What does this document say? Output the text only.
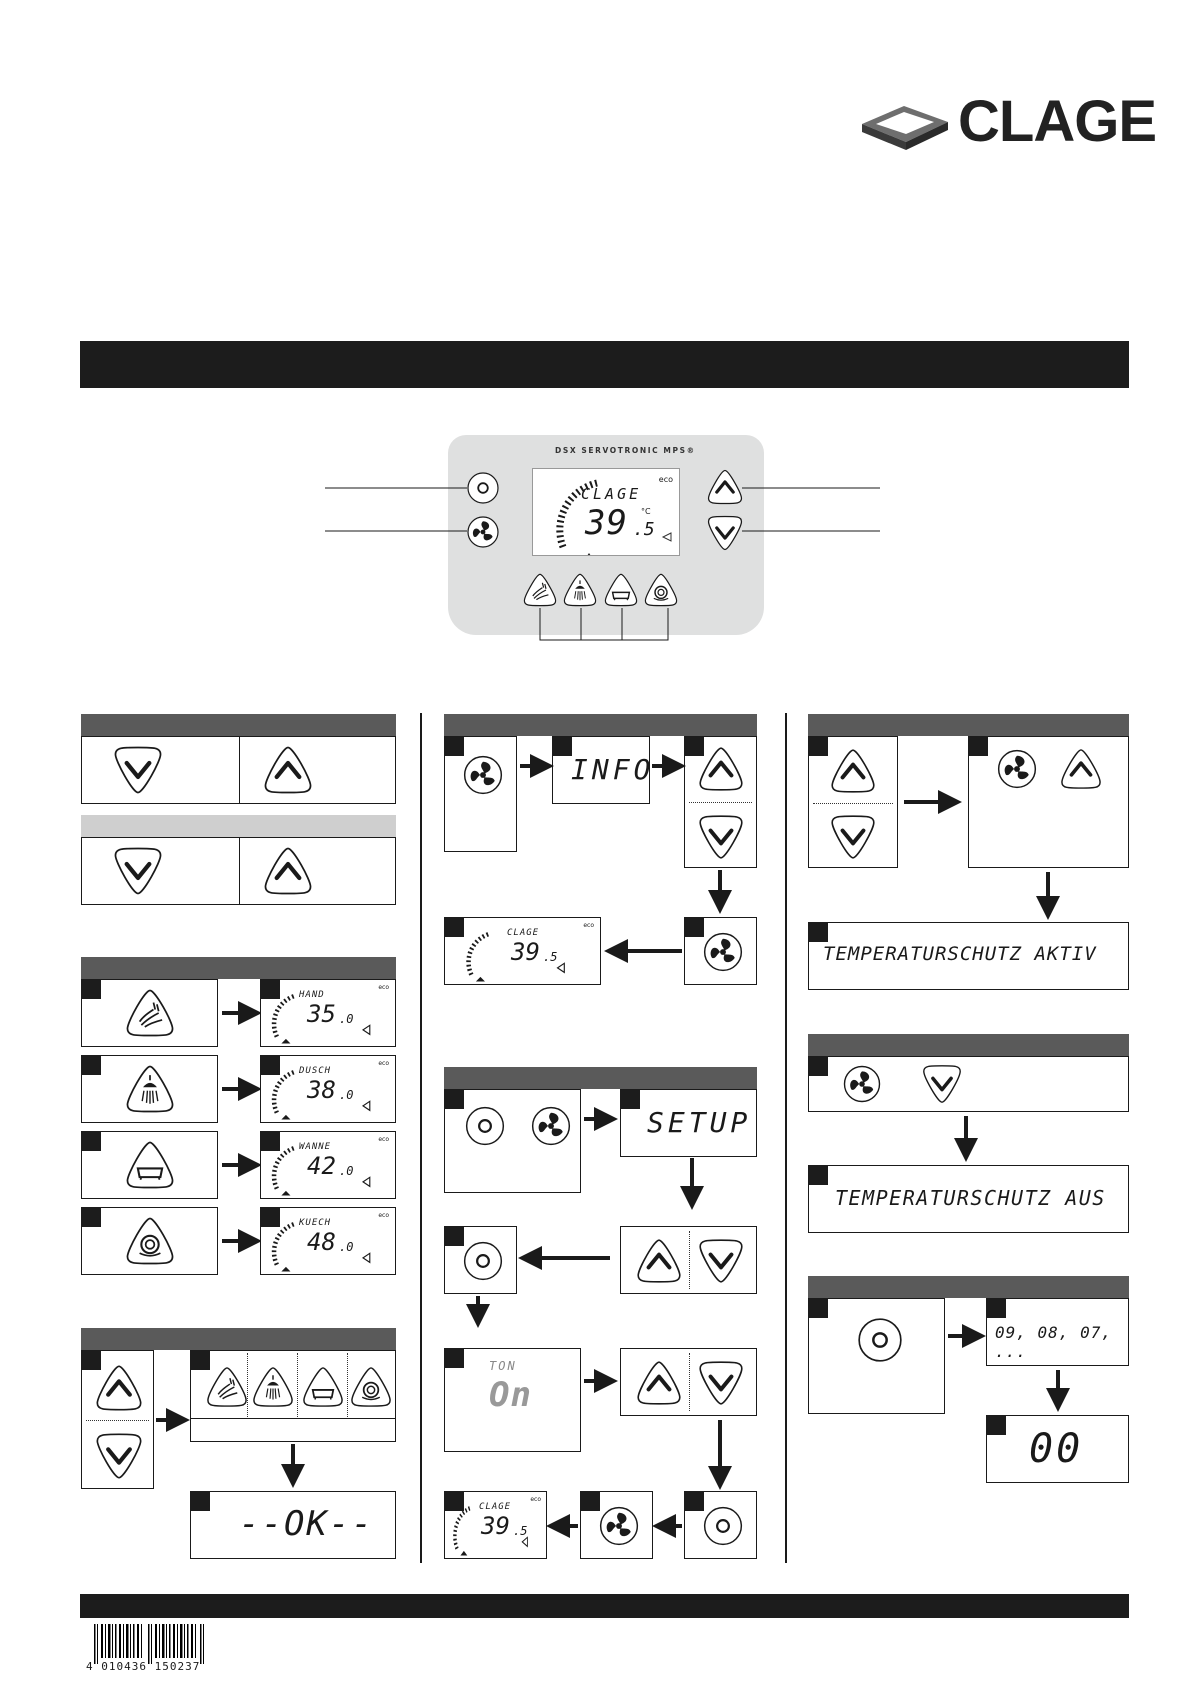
CLAGE
DSX SERVOTRONIC MPS®
eco
CLAGE
39 .5
°C
eco
HAND
35 .0
eco
DUSCH
38 .0
eco
WANNE
42 .0
eco
KUECH
48 .0
--OK--
INFO
eco
CLAGE
39 .5
SETUP
TON
On
eco
CLAGE
39 .5
TEMPERATURSCHUTZ AKTIV
TEMPERATURSCHUTZ AUS
09, 08, 07, ...
00
4 010436 150237
